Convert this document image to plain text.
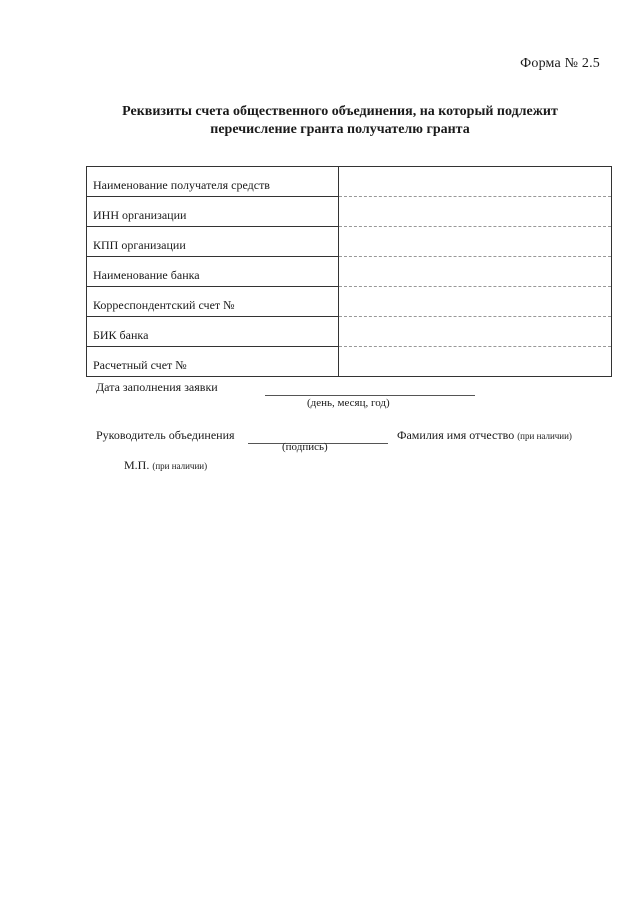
Форма № 2.5
Реквизиты счета общественного объединения, на который подлежит
перечисление гранта получателю гранта
Наименование получателя средств	
ИНН организации	
КПП организации	
Наименование банка	
Корреспондентский счет №	
БИК банка	
Расчетный счет №	
Дата заполнения заявки
(день, месяц, год)
Руководитель объединения	Фамилия имя отчество (при наличии)
(подпись)
М.П. (при наличии)
